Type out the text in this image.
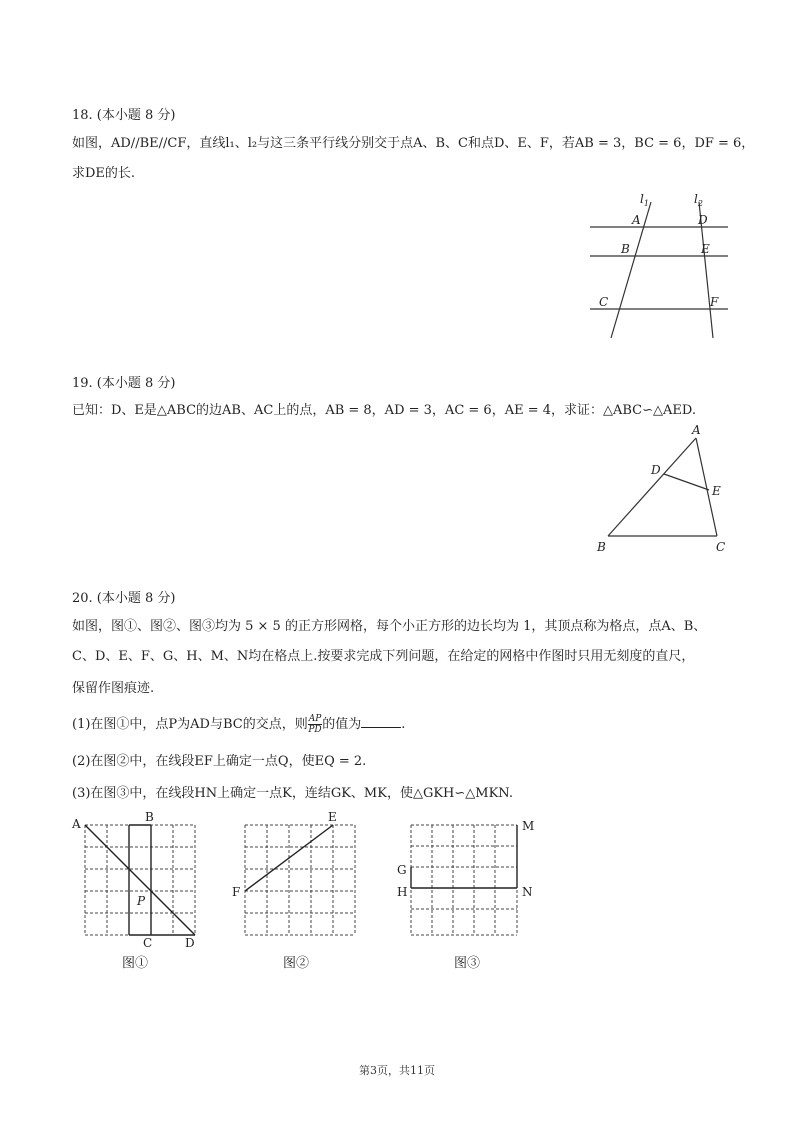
18. (本小题 8 分)
如图，AD//BE//CF，直线l₁、l₂与这三条平行线分别交于点A、B、C和点D、E、F，若AB = 3，BC = 6，DF = 6，
求DE的长.
$l_1$	$l_2$
A	D
B	E
C	F
19. (本小题 8 分)
已知：D、E是△ABC的边AB、AC上的点，AB = 8，AD = 3，AC = 6，AE = 4，求证：△ABC∽△AED.
A
D
E
B	C
20. (本小题 8 分)
如图，图①、图②、图③均为 5 × 5 的正方形网格，每个小正方形的边长均为 1，其顶点称为格点，点A、B、
C、D、E、F、G、H、M、N均在格点上.按要求完成下列问题，在给定的网格中作图时只用无刻度的直尺，
保留作图痕迹.
(1)在图①中，点P为AD与BC的交点，则 $\frac{AP}{PD}$ 的值为	.
(2)在图②中，在线段EF上确定一点Q，使EQ = 2.
(3)在图③中，在线段HN上确定一点K，连结GK、MK，使△GKH∽△MKN.
A	B
P
C	D
图①
E
F
图②
G
H
M
N
图③
第3页，共11页
